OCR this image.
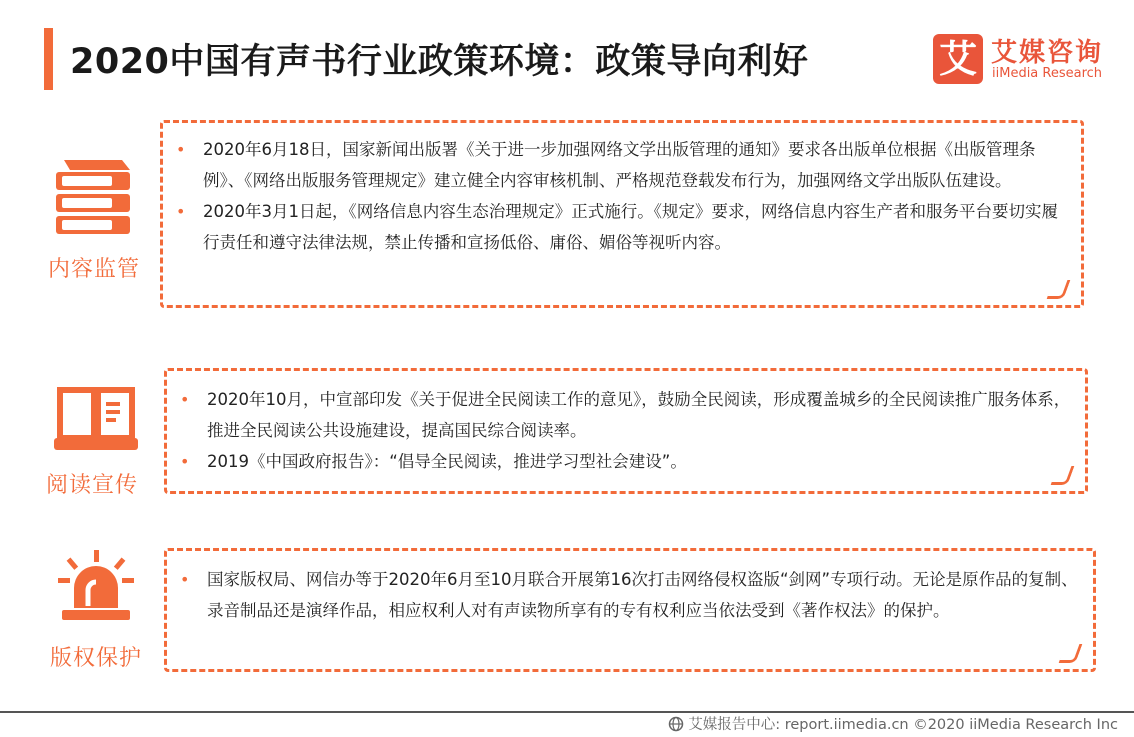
2020中国有声书行业政策环境：政策导向利好	艾 艾媒咨询
iiMedia Research
内容监管
• 2020年6月18日，国家新闻出版署《关于进一步加强网络文学出版管理的通知》要求各出版单位根据《出版管理条例》、《网络出版服务管理规定》建立健全内容审核机制、严格规范登载发布行为，加强网络文学出版队伍建设。
• 2020年3月1日起，《网络信息内容生态治理规定》正式施行。《规定》要求，网络信息内容生产者和服务平台要切实履行责任和遵守法律法规，禁止传播和宣扬低俗、庸俗、媚俗等视听内容。
阅读宣传
• 2020年10月，中宣部印发《关于促进全民阅读工作的意见》，鼓励全民阅读，形成覆盖城乡的全民阅读推广服务体系，推进全民阅读公共设施建设，提高国民综合阅读率。
• 2019《中国政府报告》：“倡导全民阅读，推进学习型社会建设”。
版权保护
• 国家版权局、网信办等于2020年6月至10月联合开展第16次打击网络侵权盗版“剑网”专项行动。无论是原作品的复制、录音制品还是演绎作品，相应权利人对有声读物所享有的专有权利应当依法受到《著作权法》的保护。
艾媒报告中心: report.iimedia.cn ©2020 iiMedia Research Inc
